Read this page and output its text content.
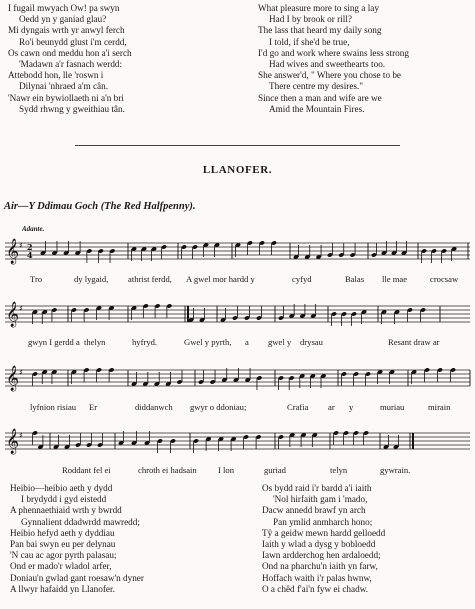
I fugail mwyach Ow! pa swyn
Oedd yn y ganiad glau?
Mi dyngais wrth yr anwyl ferch
Ro'i beunydd glust i'm cerdd,
Os cawn ond meddu hon a'i serch
'Madawn a'r fasnach werdd:
Attebodd hon, lle 'roswn i
Dilynai 'nhraed a'm cân.
'Nawr ein bywiollaeth ni a'n bri
Sydd rhwng y gweithiau tân.
What pleasure more to sing a lay
Had I by brook or rill?
The lass that heard my daily song
I told, if she'd be true,
I'd go and work where swains less strong
Had wives and sweethearts too.
She answer'd, " Where you chose to be
There centre my desires."
Since then a man and wife are we
Amid the Mountain Fires.
LLANOFER.
Air—Y Ddimau Goch (The Red Halfpenny).
Adante.
𝄞 ♯ 2
4
𝄞 ♯
𝄞 ♯
𝄞 ♯
Tro	dy lygaid, athrist ferdd, A gwel mor hardd y	cyfyd	Balas lle mae	crocsaw
gwyn I gerdd a thelyn	hyfryd.	Gwel y pyrth, a gwel y drysau	Resant draw ar
lyfnion risiau Er	diddanwch gwyr o ddoniau;	Crafia ar y	muriau	mirain
Roddant fel ei	chroth ei hadsain I lon	guriad	telyn	gywrain.
Heibio—heibio aeth y dydd
I brydydd i gyd eistedd
A phennaethiaid wrth y bwrdd
Gynnalient ddadwrdd mawredd;
Heibio hefyd aeth y dyddiau
Pan bai swyn eu per delynau
'N cau ac agor pyrth palasau;
Ond er mado'r wladol arfer,
Doniau'n gwlad gant roesaw'n dyner
A llwyr hafaidd yn Llanofer.
Os bydd raid i'r bardd a'i iaith
'Nol hirfaith gam i 'mado,
Dacw annedd brawf yn arch
Pan ymlid anmharch hono;
Tŷ a geidw mewn hardd gelloedd
Iaith y wlad a dysg y bobloedd
Iawn ardderchog hen ardaloedd;
Ond na pharchu'n iaith yn farw,
Hoffach waith i'r palas hwnw,
O a chêd f'ai'n fyw ei chadw.
